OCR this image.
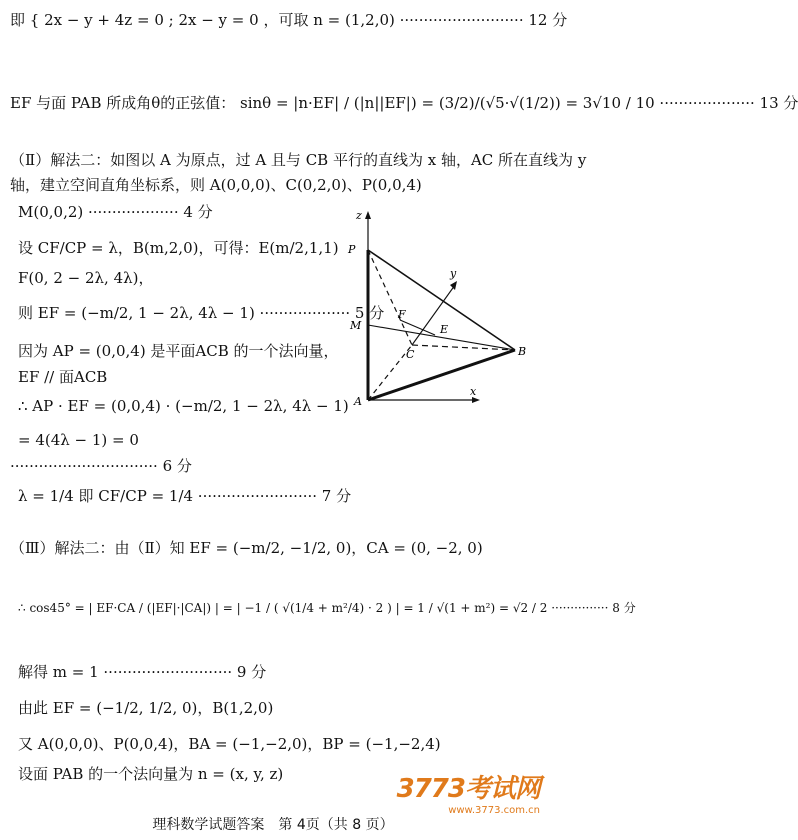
即 { 2x − y + 4z = 0 ; 2x − y = 0 ，可取 n = (1,2,0) ·························· 12 分
EF 与面 PAB 所成角θ的正弦值： sinθ = |n·EF| / (|n||EF|) = (3/2)/(√5·√(1/2)) = 3√10 / 10 ···················· 13 分
（Ⅱ）解法二：如图以 A 为原点，过 A 且与 CB 平行的直线为 x 轴，AC 所在直线为 y
轴，建立空间直角坐标系，则 A(0,0,0)、C(0,2,0)、P(0,0,4)
M(0,0,2) ··················· 4 分
设 CF/CP = λ，B(m,2,0)，可得：E(m/2,1,1)
F(0, 2 − 2λ, 4λ)，
则 EF = (−m/2, 1 − 2λ, 4λ − 1) ··················· 5 分
因为 AP = (0,0,4) 是平面ACB 的一个法向量，
EF // 面ACB
∴ AP · EF = (0,0,4) · (−m/2, 1 − 2λ, 4λ − 1)
= 4(4λ − 1) = 0
······························· 6 分
λ = 1/4 即 CF/CP = 1/4 ························· 7 分
（Ⅲ）解法二：由（Ⅱ）知 EF = (−m/2, −1/2, 0)，CA = (0, −2, 0)
∴ cos45° = | EF·CA / (|EF|·|CA|) | = | −1 / ( √(1/4 + m²/4) · 2 ) | = 1 / √(1 + m²) = √2 / 2 ··············· 8 分
解得 m = 1 ··························· 9 分
由此 EF = (−1/2, 1/2, 0)，B(1,2,0)
又 A(0,0,0)、P(0,0,4)，BA = (−1,−2,0)，BP = (−1,−2,4)
设面 PAB 的一个法向量为 n = (x, y, z)
z
x
y
P
M
A
F
E
C	B
3773考试网
www.3773.com.cn
理科数学试题答案　第 4页（共 8 页）
